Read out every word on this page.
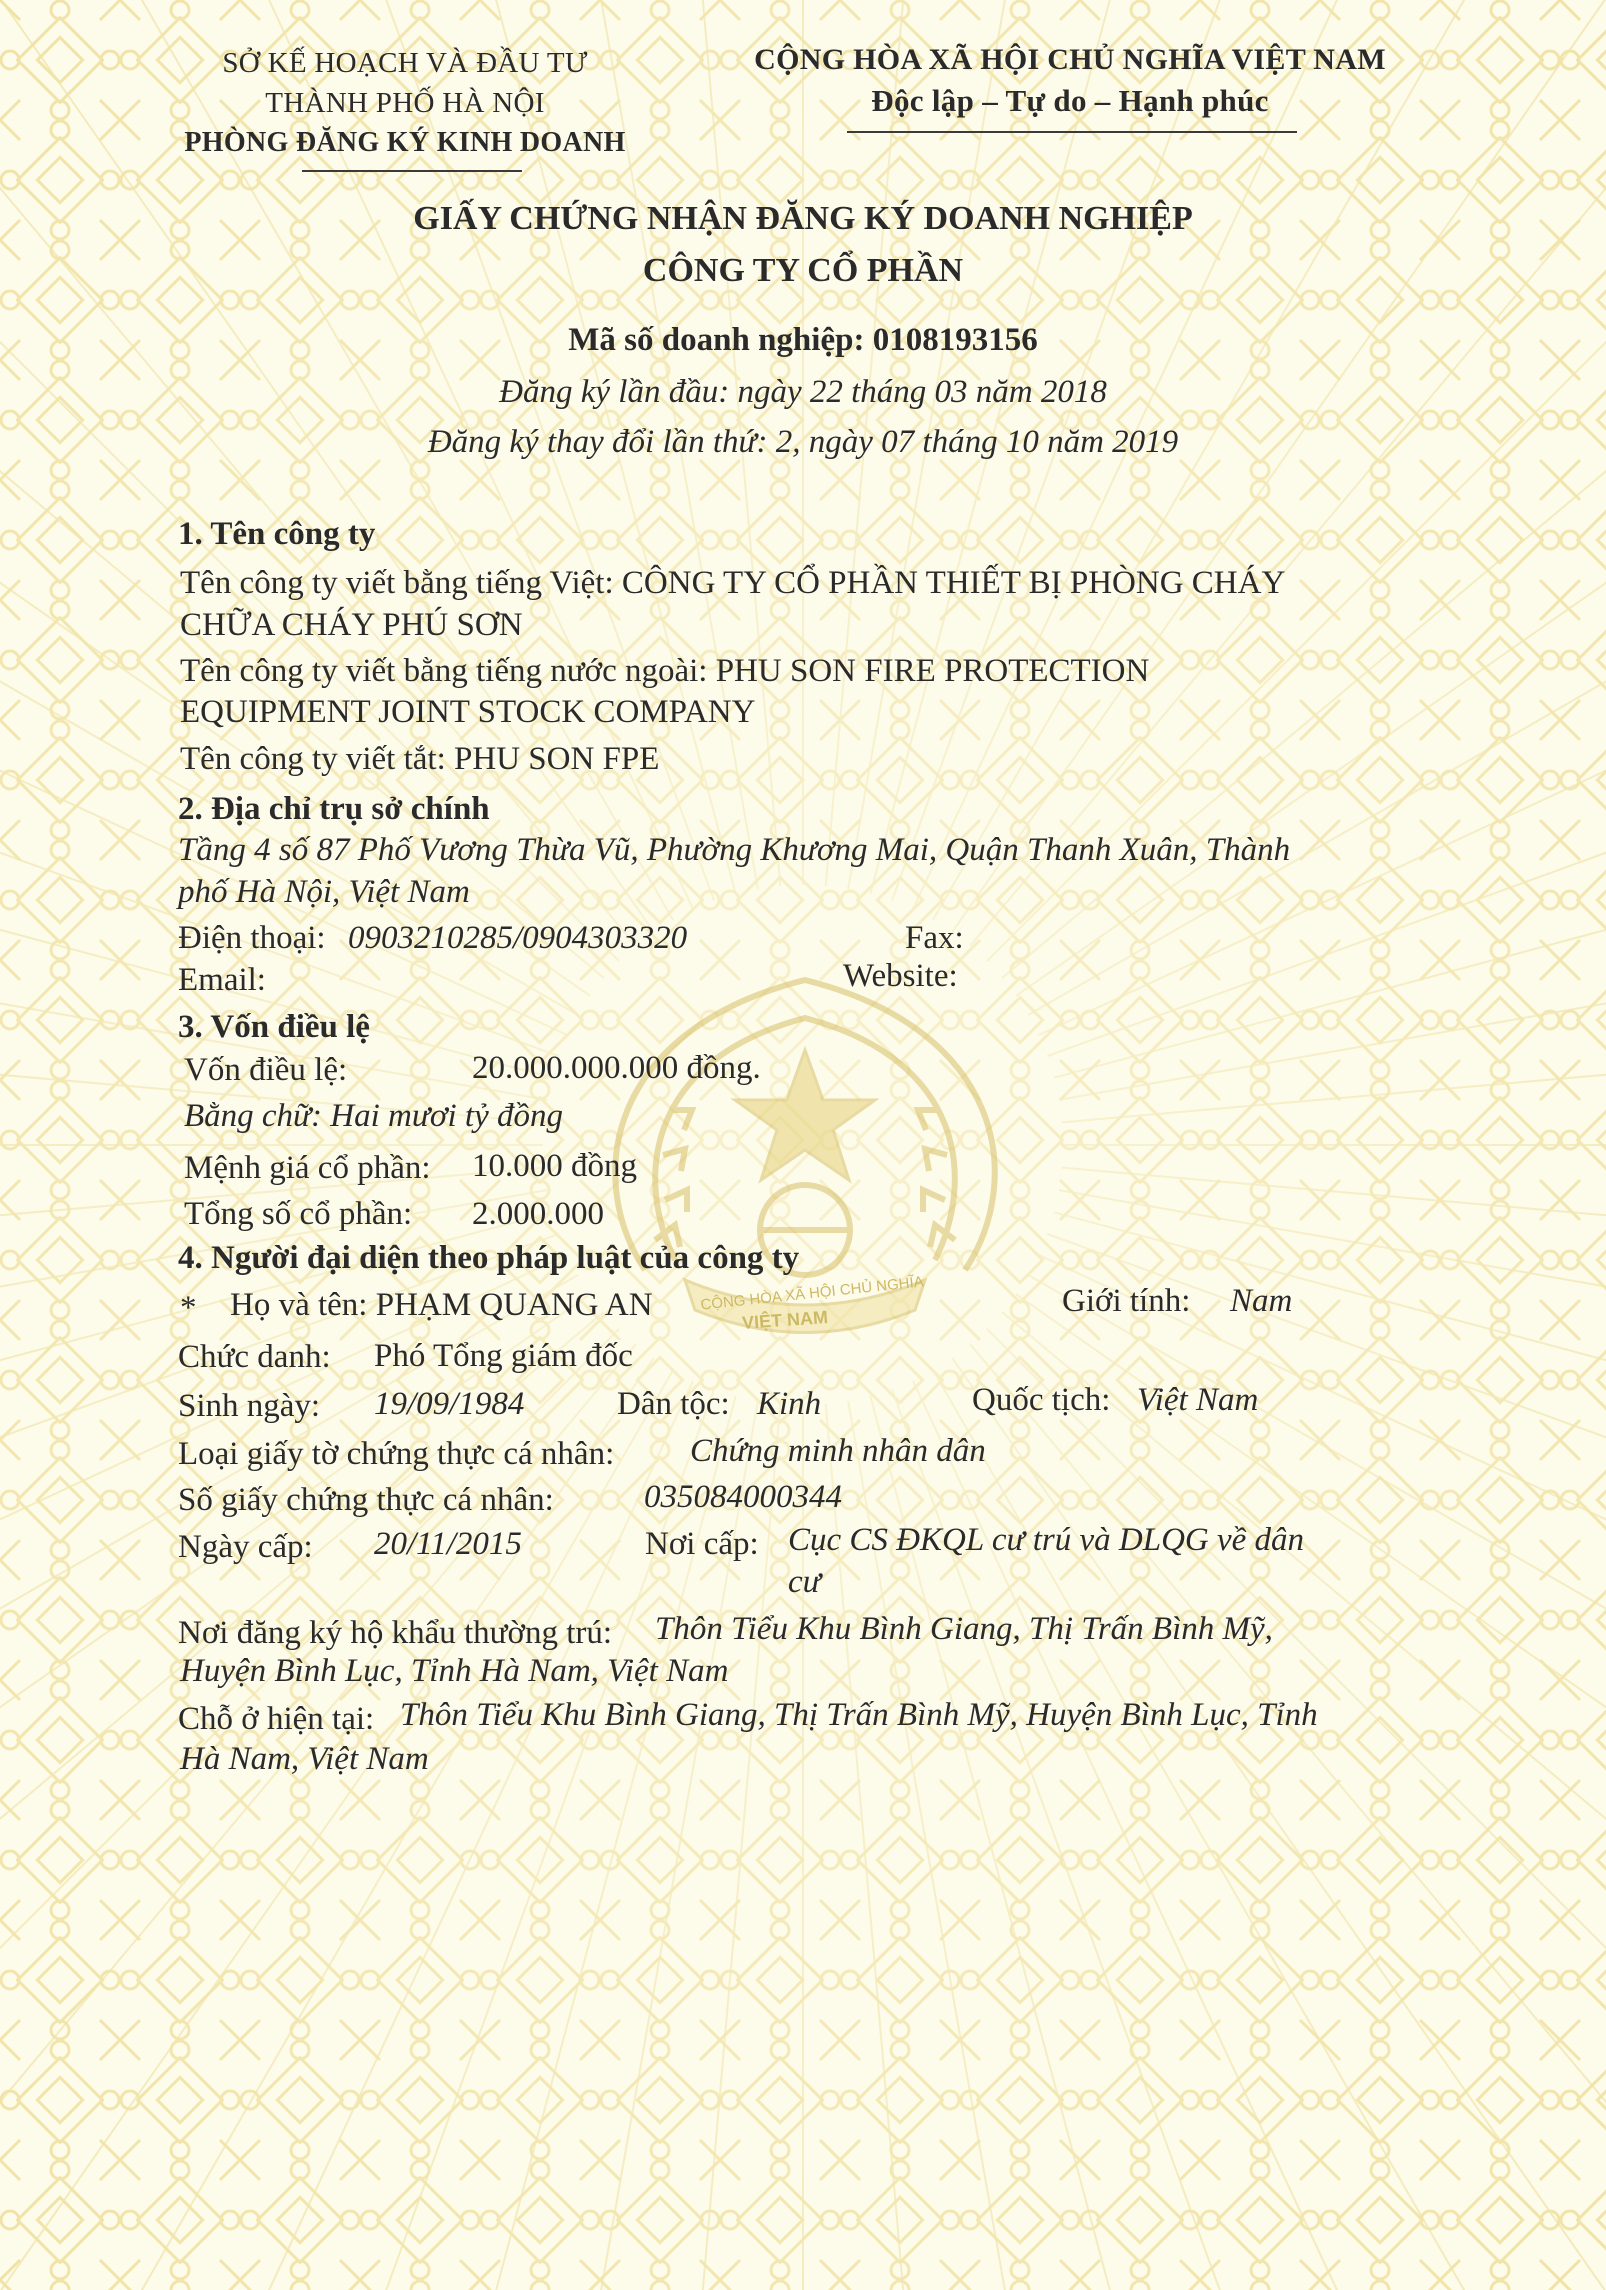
CỘNG HÒA XÃ HỘI CHỦ NGHĨA
VIỆT NAM
SỞ KẾ HOẠCH VÀ ĐẦU TƯ
THÀNH PHỐ HÀ NỘI
PHÒNG ĐĂNG KÝ KINH DOANH
CỘNG HÒA XÃ HỘI CHỦ NGHĨA VIỆT NAM
Độc lập – Tự do – Hạnh phúc
GIẤY CHỨNG NHẬN ĐĂNG KÝ DOANH NGHIỆP
CÔNG TY CỔ PHẦN
Mã số doanh nghiệp: 0108193156
Đăng ký lần đầu: ngày 22 tháng 03 năm 2018
Đăng ký thay đổi lần thứ: 2, ngày 07 tháng 10 năm 2019
1. Tên công ty
Tên công ty viết bằng tiếng Việt: CÔNG TY CỔ PHẦN THIẾT BỊ PHÒNG CHÁY
CHỮA CHÁY PHÚ SƠN
Tên công ty viết bằng tiếng nước ngoài: PHU SON FIRE PROTECTION
EQUIPMENT JOINT STOCK COMPANY
Tên công ty viết tắt: PHU SON FPE
2. Địa chỉ trụ sở chính
Tầng 4 số 87 Phố Vương Thừa Vũ, Phường Khương Mai, Quận Thanh Xuân, Thành
phố Hà Nội, Việt Nam
Điện thoại: 0903210285/0904303320	Fax:
Email:	Website:
3. Vốn điều lệ
Vốn điều lệ:	20.000.000.000 đồng.
Bằng chữ: Hai mươi tỷ đồng
Mệnh giá cổ phần: 10.000 đồng
Tổng số cổ phần: 2.000.000
4. Người đại diện theo pháp luật của công ty
* Họ và tên: PHẠM QUANG AN	Giới tính: Nam
Chức danh: Phó Tổng giám đốc
Sinh ngày: 19/09/1984	Dân tộc: Kinh	Quốc tịch: Việt Nam
Loại giấy tờ chứng thực cá nhân: Chứng minh nhân dân
Số giấy chứng thực cá nhân:	035084000344
Ngày cấp: 20/11/2015	Nơi cấp: Cục CS ĐKQL cư trú và DLQG về dân
cư
Nơi đăng ký hộ khẩu thường trú: Thôn Tiểu Khu Bình Giang, Thị Trấn Bình Mỹ,
Huyện Bình Lục, Tỉnh Hà Nam, Việt Nam
Chỗ ở hiện tại: Thôn Tiểu Khu Bình Giang, Thị Trấn Bình Mỹ, Huyện Bình Lục, Tỉnh
Hà Nam, Việt Nam
